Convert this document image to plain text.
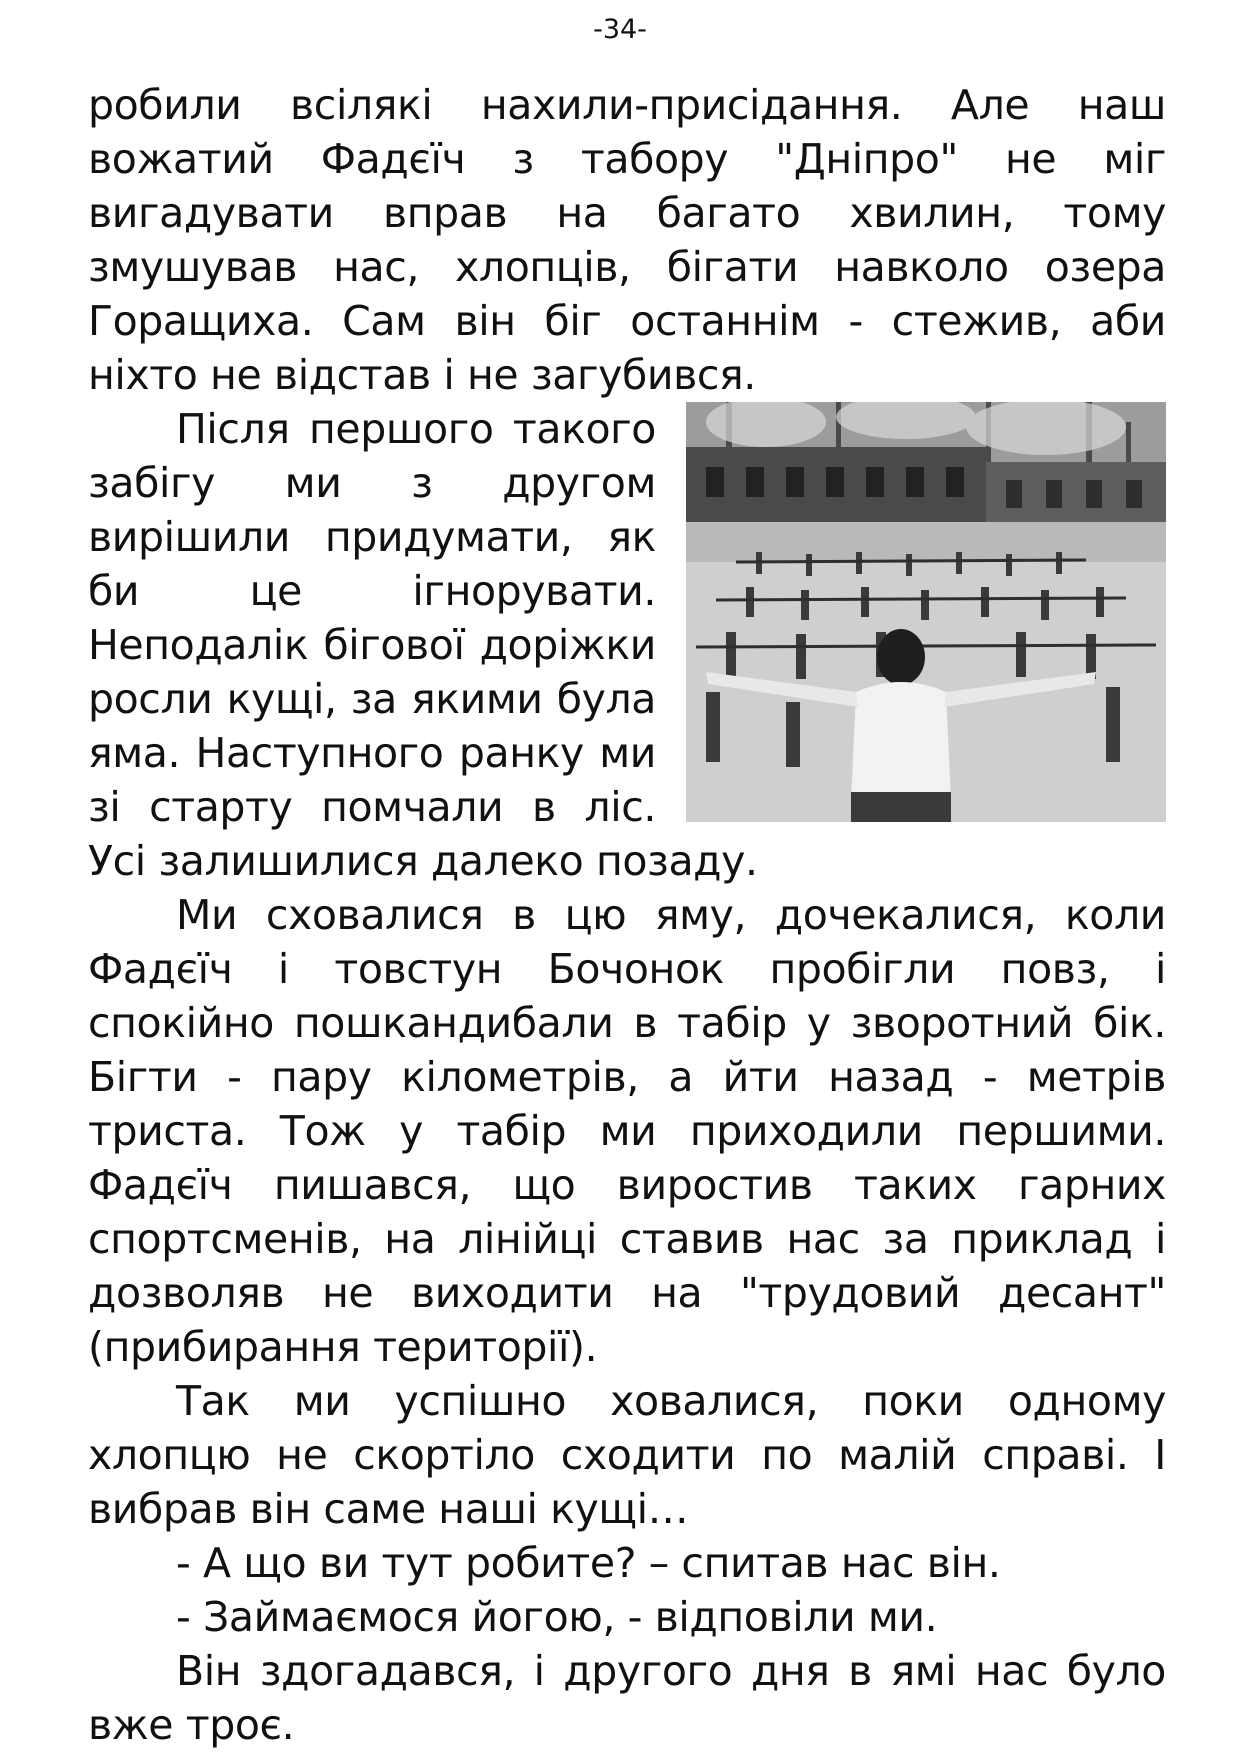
-34-

робили всілякі нахили-присідання. Але наш вожатий Фадєїч з табору "Дніпро" не міг вигадувати вправ на багато хвилин, тому змушував нас, хлопців, бігати навколо озера Горащиха. Сам він біг останнім - стежив, аби ніхто не відстав і не загубився.

Після першого такого забігу ми з другом вирішили придумати, як би це ігнорувати. Неподалік бігової доріжки росли кущі, за якими була яма. Наступного ранку ми зі старту помчали в ліс. Усі залишилися далеко позаду.

Ми сховалися в цю яму, дочекалися, коли Фадєїч і товстун Бочонок пробігли повз, і спокійно пошкандибали в табір у зворотний бік. Бігти - пару кілометрів, а йти назад - метрів триста. Тож у табір ми приходили першими. Фадєїч пишався, що виростив таких гарних спортсменів, на лінійці ставив нас за приклад і дозволяв не виходити на "трудовий десант" (прибирання території).

Так ми успішно ховалися, поки одному хлопцю не скортіло сходити по малій справі. І вибрав він саме наші кущі…

- А що ви тут робите? – спитав нас він.

- Займаємося йогою, - відповіли ми.

Він здогадався, і другого дня в ямі нас було вже троє.
